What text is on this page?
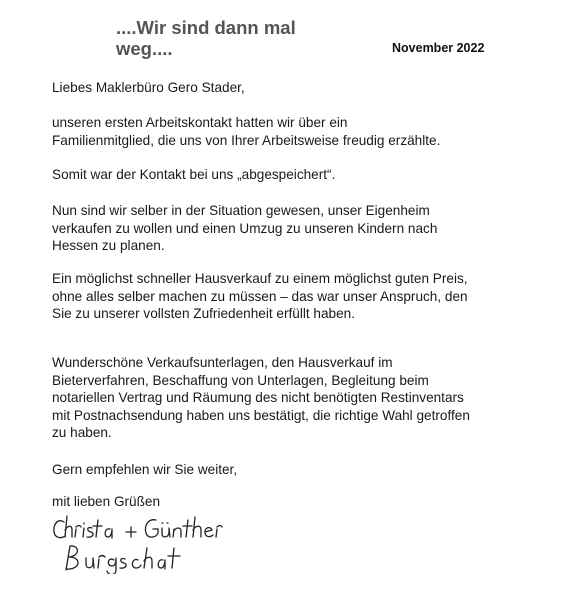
....Wir sind dann mal
weg....	November 2022

Liebes Maklerbüro Gero Stader,

unseren ersten Arbeitskontakt hatten wir über ein
Familienmitglied, die uns von Ihrer Arbeitsweise freudig erzählte.

Somit war der Kontakt bei uns „abgespeichert“.

Nun sind wir selber in der Situation gewesen, unser Eigenheim
verkaufen zu wollen und einen Umzug zu unseren Kindern nach
Hessen zu planen.

Ein möglichst schneller Hausverkauf zu einem möglichst guten Preis,
ohne alles selber machen zu müssen – das war unser Anspruch, den
Sie zu unserer vollsten Zufriedenheit erfüllt haben.

Wunderschöne Verkaufsunterlagen, den Hausverkauf im
Bieterverfahren, Beschaffung von Unterlagen, Begleitung beim
notariellen Vertrag und Räumung des nicht benötigten Restinventars
mit Postnachsendung haben uns bestätigt, die richtige Wahl getroffen
zu haben.

Gern empfehlen wir Sie weiter,

mit lieben Grüßen
